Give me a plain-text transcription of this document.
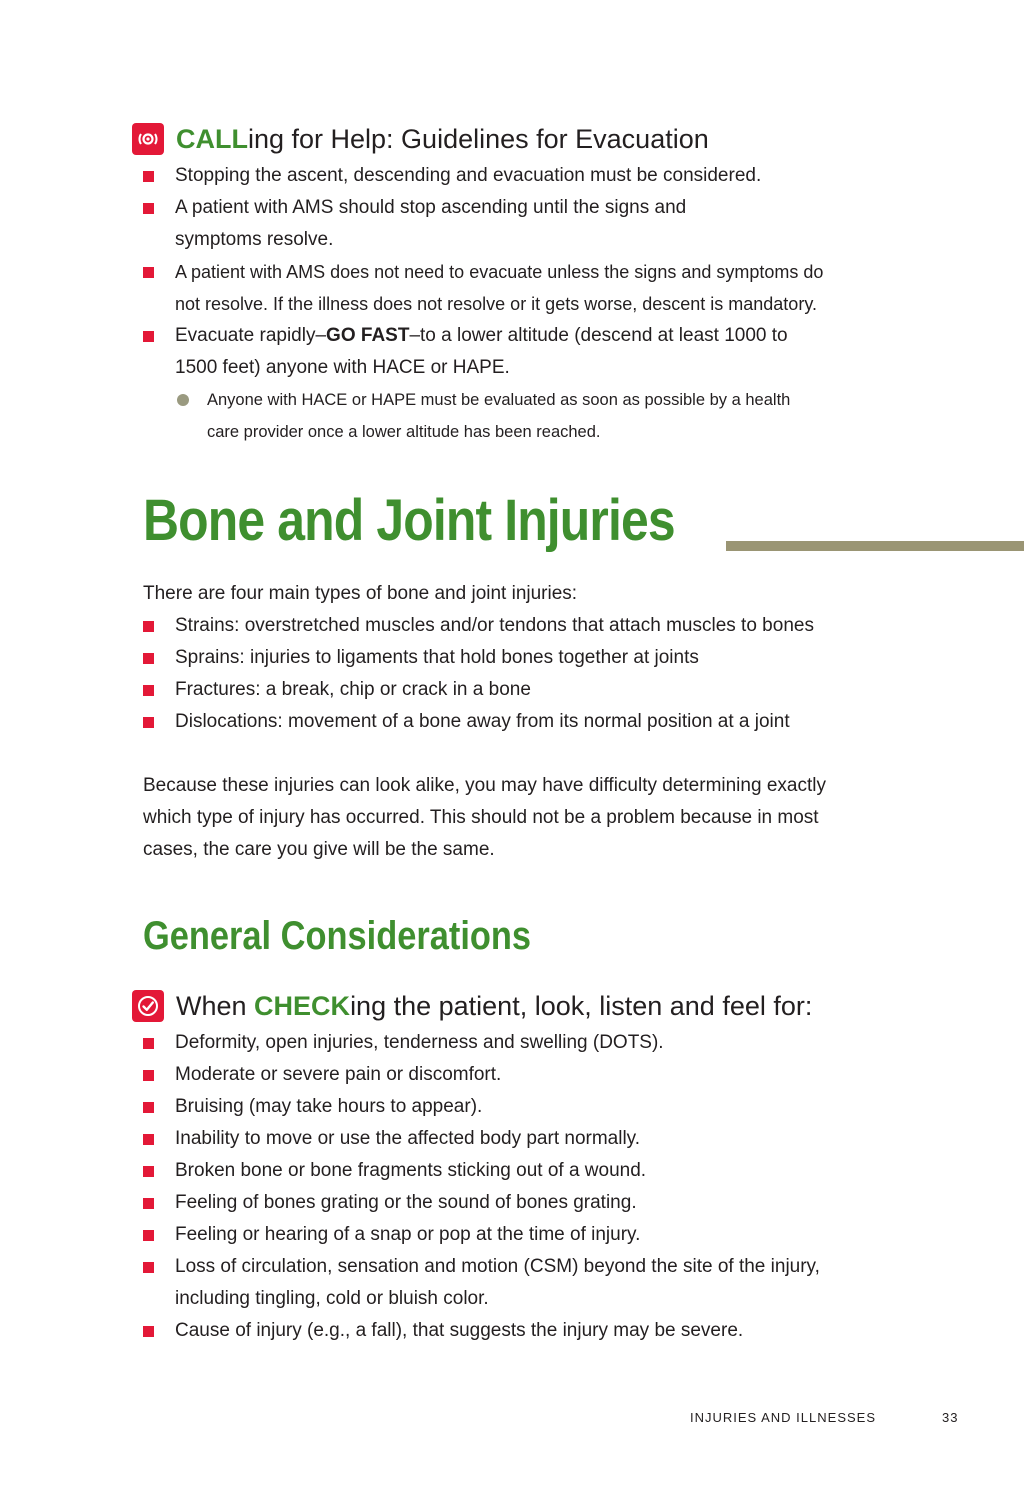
CALLing for Help: Guidelines for Evacuation
Stopping the ascent, descending and evacuation must be considered.
A patient with AMS should stop ascending until the signs and
symptoms resolve.
A patient with AMS does not need to evacuate unless the signs and symptoms do
not resolve. If the illness does not resolve or it gets worse, descent is mandatory.
Evacuate rapidly–GO FAST–to a lower altitude (descend at least 1000 to
1500 feet) anyone with HACE or HAPE.
Anyone with HACE or HAPE must be evaluated as soon as possible by a health
care provider once a lower altitude has been reached.
Bone and Joint Injuries
There are four main types of bone and joint injuries:
Strains: overstretched muscles and/or tendons that attach muscles to bones
Sprains: injuries to ligaments that hold bones together at joints
Fractures: a break, chip or crack in a bone
Dislocations: movement of a bone away from its normal position at a joint
Because these injuries can look alike, you may have difficulty determining exactly
which type of injury has occurred. This should not be a problem because in most
cases, the care you give will be the same.
General Considerations
When CHECKing the patient, look, listen and feel for:
Deformity, open injuries, tenderness and swelling (DOTS).
Moderate or severe pain or discomfort.
Bruising (may take hours to appear).
Inability to move or use the affected body part normally.
Broken bone or bone fragments sticking out of a wound.
Feeling of bones grating or the sound of bones grating.
Feeling or hearing of a snap or pop at the time of injury.
Loss of circulation, sensation and motion (CSM) beyond the site of the injury,
including tingling, cold or bluish color.
Cause of injury (e.g., a fall), that suggests the injury may be severe.
INJURIES AND ILLNESSES	33
